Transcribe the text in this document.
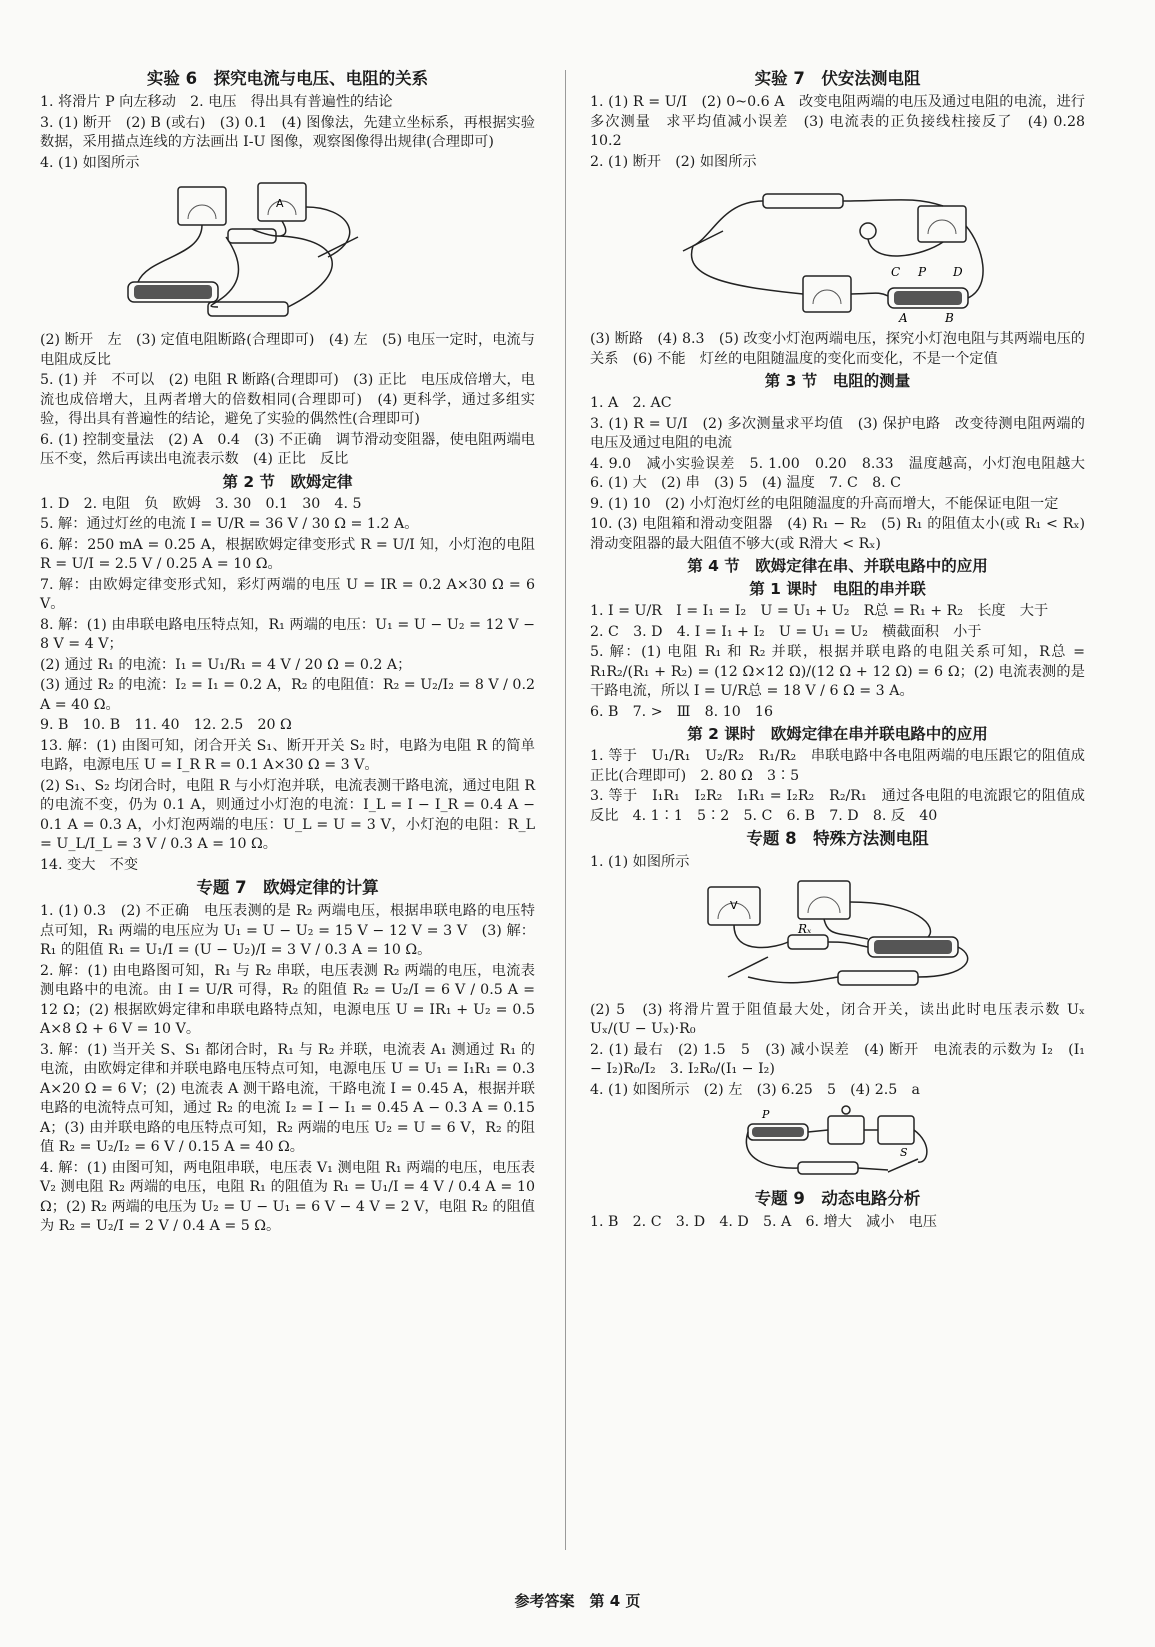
实验 6　探究电流与电压、电阻的关系

1. 将滑片 P 向左移动　2. 电压　得出具有普遍性的结论

3. (1) 断开　(2) B (或右)　(3) 0.1　(4) 图像法，先建立坐标系，再根据实验数据，采用描点连线的方法画出 I-U 图像，观察图像得出规律(合理即可)

4. (1) 如图所示

A

(2) 断开　左　(3) 定值电阻断路(合理即可)　(4) 左　(5) 电压一定时，电流与电阻成反比

5. (1) 并　不可以　(2) 电阻 R 断路(合理即可)　(3) 正比　电压成倍增大，电流也成倍增大，且两者增大的倍数相同(合理即可)　(4) 更科学，通过多组实验，得出具有普遍性的结论，避免了实验的偶然性(合理即可)

6. (1) 控制变量法　(2) A　0.4　(3) 不正确　调节滑动变阻器，使电阻两端电压不变，然后再读出电流表示数　(4) 正比　反比

第 2 节　欧姆定律

1. D　2. 电阻　负　欧姆　3. 30　0.1　30　4. 5

5. 解：通过灯丝的电流 I = U/R = 36 V / 30 Ω = 1.2 A。

6. 解：250 mA = 0.25 A，根据欧姆定律变形式 R = U/I 知，小灯泡的电阻 R = U/I = 2.5 V / 0.25 A = 10 Ω。

7. 解：由欧姆定律变形式知，彩灯两端的电压 U = IR = 0.2 A×30 Ω = 6 V。

8. 解：(1) 由串联电路电压特点知，R₁ 两端的电压：U₁ = U − U₂ = 12 V − 8 V = 4 V；

(2) 通过 R₁ 的电流：I₁ = U₁/R₁ = 4 V / 20 Ω = 0.2 A；

(3) 通过 R₂ 的电流：I₂ = I₁ = 0.2 A，R₂ 的电阻值：R₂ = U₂/I₂ = 8 V / 0.2 A = 40 Ω。

9. B　10. B　11. 40　12. 2.5　20 Ω

13. 解：(1) 由图可知，闭合开关 S₁、断开开关 S₂ 时，电路为电阻 R 的简单电路，电源电压 U = I_R R = 0.1 A×30 Ω = 3 V。

(2) S₁、S₂ 均闭合时，电阻 R 与小灯泡并联，电流表测干路电流，通过电阻 R 的电流不变，仍为 0.1 A，则通过小灯泡的电流：I_L = I − I_R = 0.4 A − 0.1 A = 0.3 A，小灯泡两端的电压：U_L = U = 3 V，小灯泡的电阻：R_L = U_L/I_L = 3 V / 0.3 A = 10 Ω。

14. 变大　不变

专题 7　欧姆定律的计算

1. (1) 0.3　(2) 不正确　电压表测的是 R₂ 两端电压，根据串联电路的电压特点可知，R₁ 两端的电压应为 U₁ = U − U₂ = 15 V − 12 V = 3 V　(3) 解：R₁ 的阻值 R₁ = U₁/I = (U − U₂)/I = 3 V / 0.3 A = 10 Ω。

2. 解：(1) 由电路图可知，R₁ 与 R₂ 串联，电压表测 R₂ 两端的电压，电流表测电路中的电流。由 I = U/R 可得，R₂ 的阻值 R₂ = U₂/I = 6 V / 0.5 A = 12 Ω；(2) 根据欧姆定律和串联电路特点知，电源电压 U = IR₁ + U₂ = 0.5 A×8 Ω + 6 V = 10 V。

3. 解：(1) 当开关 S、S₁ 都闭合时，R₁ 与 R₂ 并联，电流表 A₁ 测通过 R₁ 的电流，由欧姆定律和并联电路电压特点可知，电源电压 U = U₁ = I₁R₁ = 0.3 A×20 Ω = 6 V；(2) 电流表 A 测干路电流，干路电流 I = 0.45 A，根据并联电路的电流特点可知，通过 R₂ 的电流 I₂ = I − I₁ = 0.45 A − 0.3 A = 0.15 A；(3) 由并联电路的电压特点可知，R₂ 两端的电压 U₂ = U = 6 V，R₂ 的阻值 R₂ = U₂/I₂ = 6 V / 0.15 A = 40 Ω。

4. 解：(1) 由图可知，两电阻串联，电压表 V₁ 测电阻 R₁ 两端的电压，电压表 V₂ 测电阻 R₂ 两端的电压，电阻 R₁ 的阻值为 R₁ = U₁/I = 4 V / 0.4 A = 10 Ω；(2) R₂ 两端的电压为 U₂ = U − U₁ = 6 V − 4 V = 2 V，电阻 R₂ 的阻值为 R₂ = U₂/I = 2 V / 0.4 A = 5 Ω。

实验 7　伏安法测电阻

1. (1) R = U/I　(2) 0~0.6 A　改变电阻两端的电压及通过电阻的电流，进行多次测量　求平均值减小误差　(3) 电流表的正负接线柱接反了　(4) 0.28　10.2

2. (1) 断开　(2) 如图所示

C P D
A	B

(3) 断路　(4) 8.3　(5) 改变小灯泡两端电压，探究小灯泡电阻与其两端电压的关系　(6) 不能　灯丝的电阻随温度的变化而变化，不是一个定值

第 3 节　电阻的测量

1. A　2. AC

3. (1) R = U/I　(2) 多次测量求平均值　(3) 保护电路　改变待测电阻两端的电压及通过电阻的电流

4. 9.0　减小实验误差　5. 1.00　0.20　8.33　温度越高，小灯泡电阻越大　6. (1) 大　(2) 串　(3) 5　(4) 温度　7. C　8. C

9. (1) 10　(2) 小灯泡灯丝的电阻随温度的升高而增大，不能保证电阻一定

10. (3) 电阻箱和滑动变阻器　(4) R₁ − R₂　(5) R₁ 的阻值太小(或 R₁ < Rₓ)　滑动变阻器的最大阻值不够大(或 R滑大 < Rₓ)

第 4 节　欧姆定律在串、并联电路中的应用
第 1 课时　电阻的串并联

1. I = U/R　I = I₁ = I₂　U = U₁ + U₂　R总 = R₁ + R₂　长度　大于

2. C　3. D　4. I = I₁ + I₂　U = U₁ = U₂　横截面积　小于

5. 解：(1) 电阻 R₁ 和 R₂ 并联，根据并联电路的电阻关系可知，R总 = R₁R₂/(R₁ + R₂) = (12 Ω×12 Ω)/(12 Ω + 12 Ω) = 6 Ω；(2) 电流表测的是干路电流，所以 I = U/R总 = 18 V / 6 Ω = 3 A。

6. B　7. >　Ⅲ　8. 10　16

第 2 课时　欧姆定律在串并联电路中的应用

1. 等于　U₁/R₁　U₂/R₂　R₁/R₂　串联电路中各电阻两端的电压跟它的阻值成正比(合理即可)　2. 80 Ω　3∶5

3. 等于　I₁R₁　I₂R₂　I₁R₁ = I₂R₂　R₂/R₁　通过各电阻的电流跟它的阻值成反比　4. 1∶1　5∶2　5. C　6. B　7. D　8. 反　40

专题 8　特殊方法测电阻

1. (1) 如图所示

V
Rₓ

(2) 5　(3) 将滑片置于阻值最大处，闭合开关，读出此时电压表示数 Uₓ　Uₓ/(U − Uₓ)·R₀

2. (1) 最右　(2) 1.5　5　(3) 减小误差　(4) 断开　电流表的示数为 I₂　(I₁ − I₂)R₀/I₂　3. I₂R₀/(I₁ − I₂)

4. (1) 如图所示　(2) 左　(3) 6.25　5　(4) 2.5　a

P
S
专题 9　动态电路分析

1. B　2. C　3. D　4. D　5. A　6. 增大　减小　电压

参考答案　第 4 页
